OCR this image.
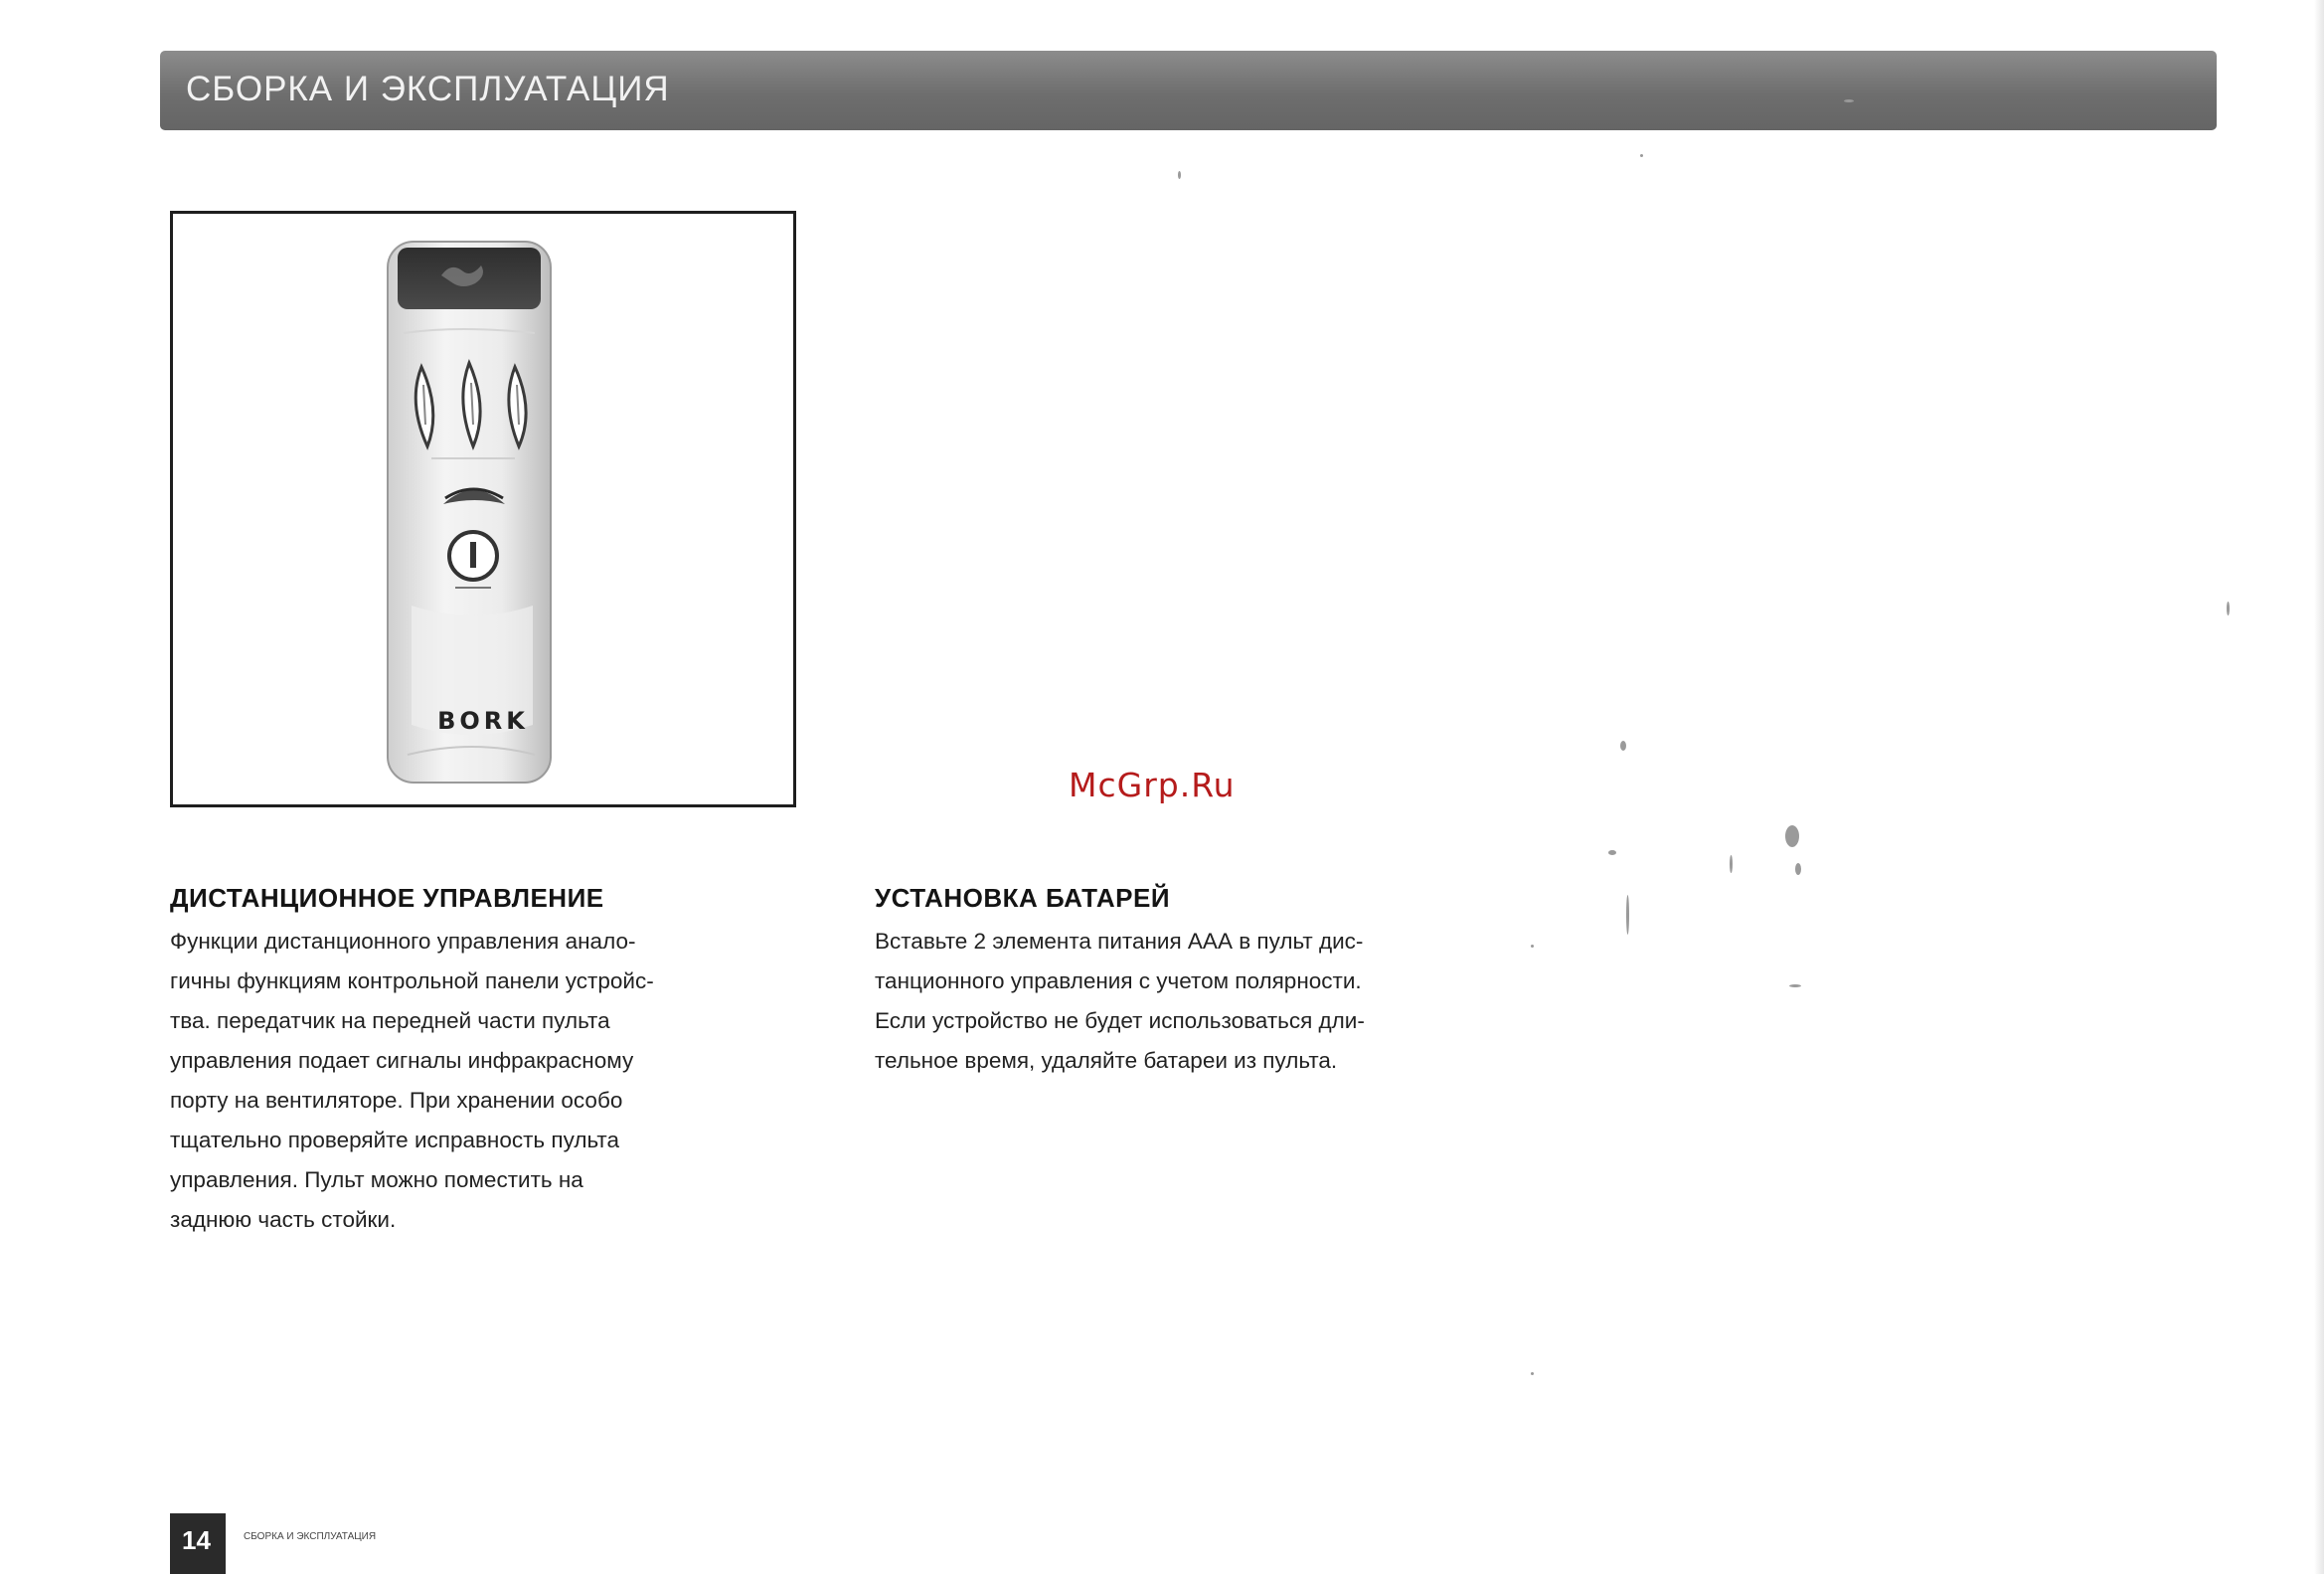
СБОРКА И ЭКСПЛУАТАЦИЯ
BORK
McGrp.Ru
ДИСТАНЦИОННОЕ УПРАВЛЕНИЕ
Функции дистанционного управления анало-
гичны функциям контрольной панели устройс-
тва. передатчик на передней части пульта
управления подает сигналы инфракрасному
порту на вентиляторе. При хранении особо
тщательно проверяйте исправность пульта
управления. Пульт можно поместить на
заднюю часть стойки.
УСТАНОВКА БАТАРЕЙ
Вставьте 2 элемента питания ААА в пульт дис-
танционного управления с учетом полярности.
Если устройство не будет использоваться дли-
тельное время, удаляйте батареи из пульта.
14	СБОРКА И ЭКСПЛУАТАЦИЯ
